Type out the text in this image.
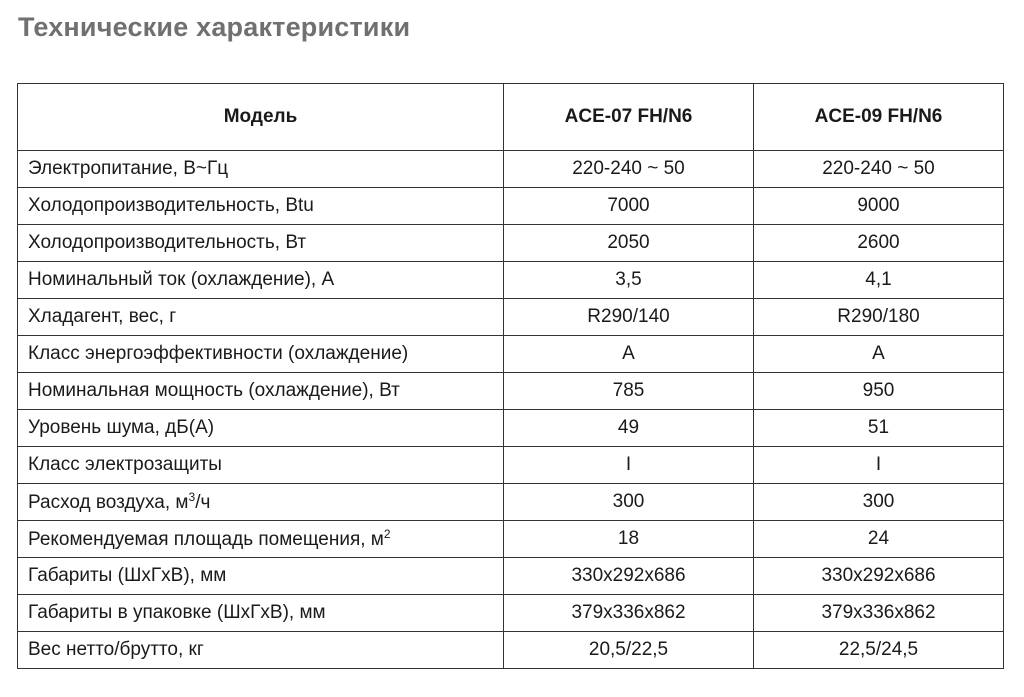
Технические характеристики
Модель	ACE-07 FH/N6	ACE-09 FH/N6
Электропитание, В~Гц	220-240 ~ 50	220-240 ~ 50
Холодопроизводительность, Btu	7000	9000
Холодопроизводительность, Вт	2050	2600
Номинальный ток (охлаждение), А	3,5	4,1
Хладагент, вес, г	R290/140	R290/180
Класс энергоэффективности (охлаждение)	A	A
Номинальная мощность (охлаждение), Вт	785	950
Уровень шума, дБ(А)	49	51
Класс электрозащиты	I	I
Расход воздуха, $м^3/ч$	300	300
Рекомендуемая площадь помещения, $м^2$	18	24
Габариты (ШхГхВ), мм	330x292x686	330x292x686
Габариты в упаковке (ШхГхВ), мм	379x336x862	379x336x862
Вес нетто/брутто, кг	20,5/22,5	22,5/24,5
